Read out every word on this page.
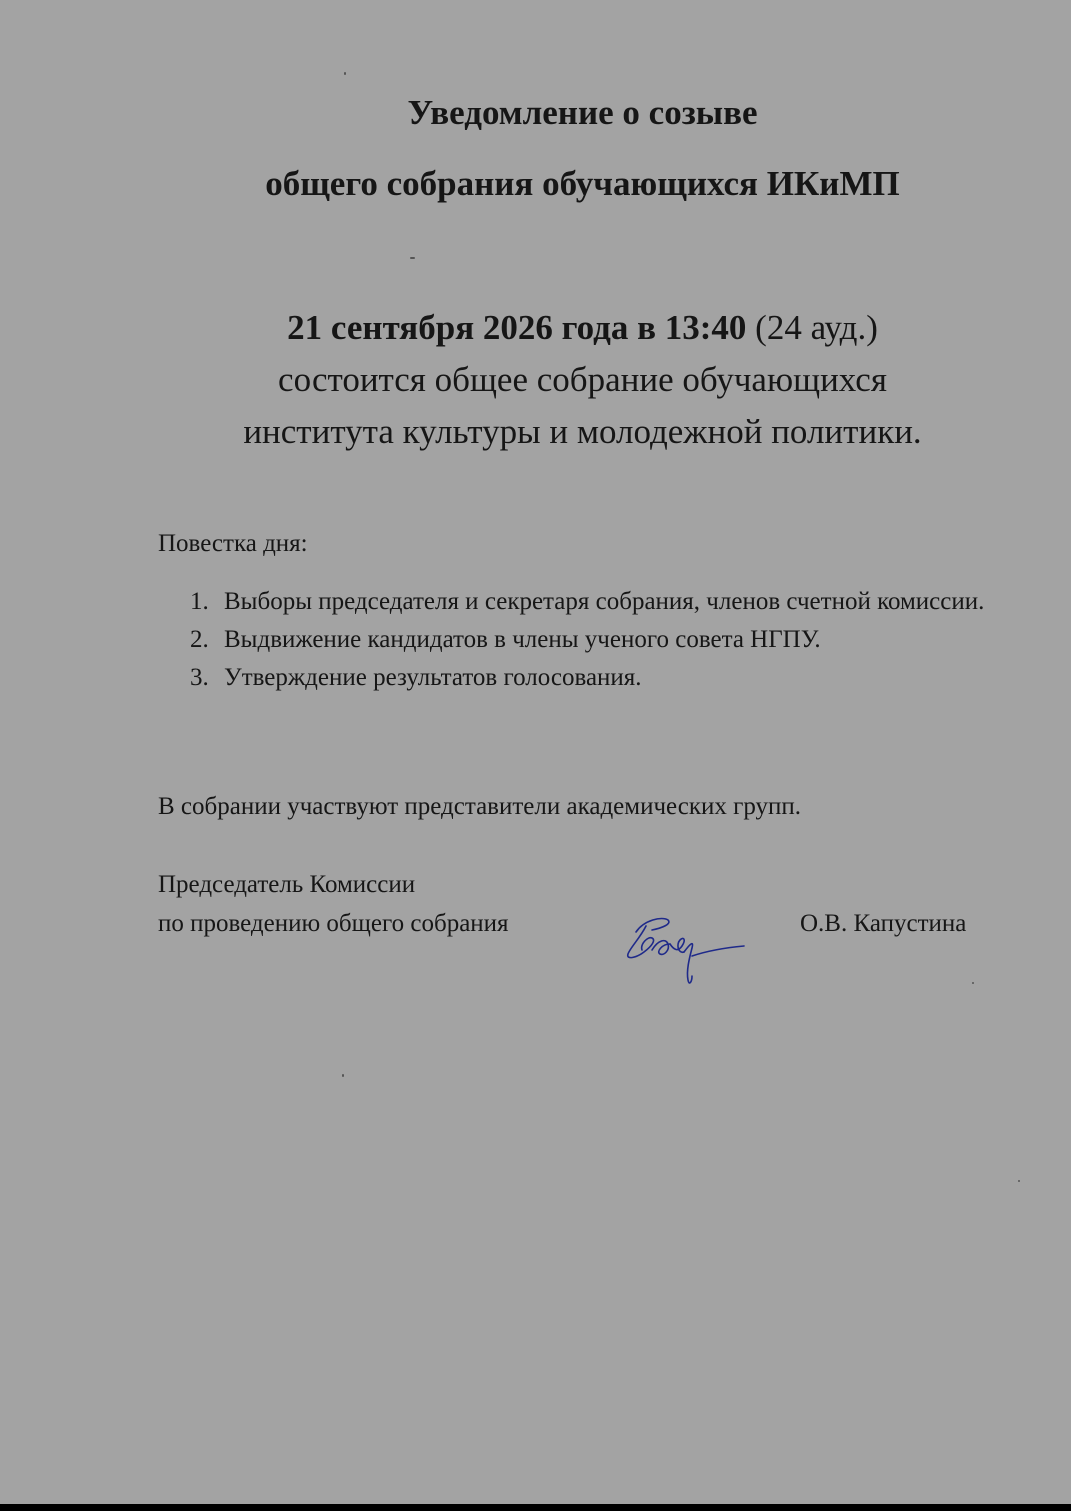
Уведомление о созыве
общего собрания обучающихся ИКиМП
21 сентября 2026 года в 13:40 (24 ауд.)
состоится общее собрание обучающихся
института культуры и молодежной политики.
Повестка дня:
1. Выборы председателя и секретаря собрания, членов счетной комиссии.
2. Выдвижение кандидатов в члены ученого совета НГПУ.
3. Утверждение результатов голосования.
В собрании участвуют представители академических групп.
Председатель Комиссии
по проведению общего собрания	О.В. Капустина
